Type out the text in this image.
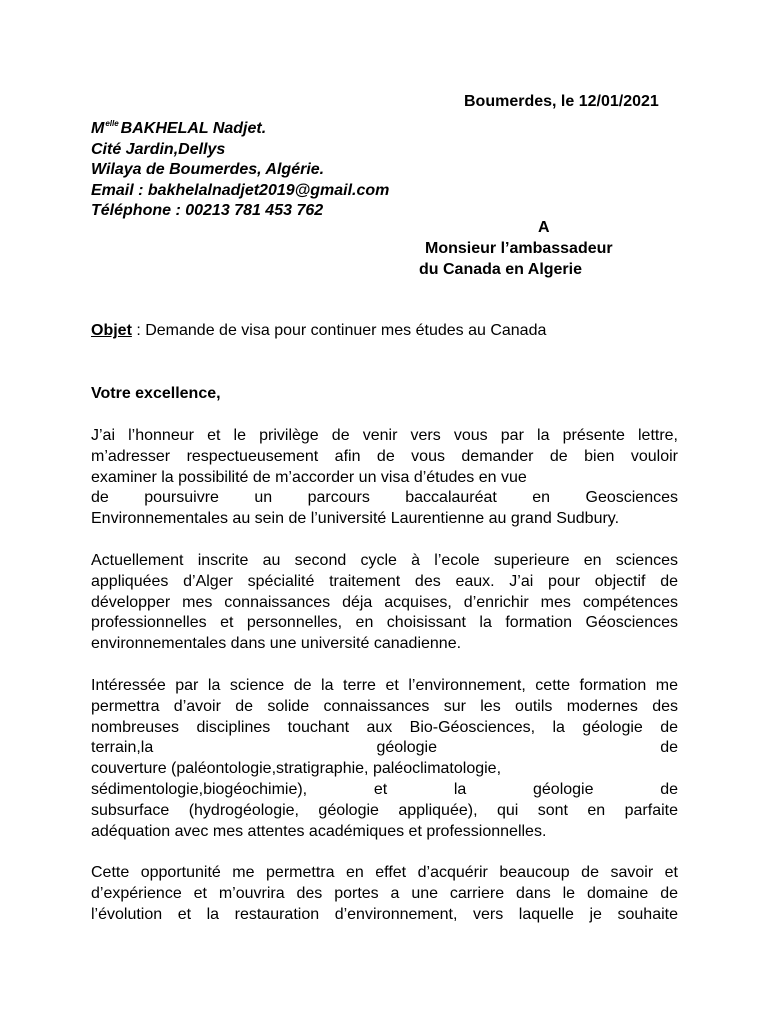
Boumerdes, le 12/01/2021
$M^{elle}$ BAKHELAL Nadjet.
Cité Jardin,Dellys
Wilaya de Boumerdes, Algérie.
Email : bakhelalnadjet2019@gmail.com
Téléphone : 00213 781 453 762
A
Monsieur l’ambassadeur
du Canada en Algerie
Objet : Demande de visa pour continuer mes études au Canada
Votre excellence,
J’ai l’honneur et le privilège de venir vers vous par la présente lettre,
m’adresser respectueusement afin de vous demander de bien vouloir
examiner la possibilité de m’accorder un visa d’études en vue
de poursuivre un parcours baccalauréat en Geosciences
Environnementales au sein de l’université Laurentienne au grand Sudbury.
Actuellement inscrite au second cycle à l’ecole superieure en sciences
appliquées d’Alger spécialité traitement des eaux. J’ai pour objectif de
développer mes connaissances déja acquises, d’enrichir mes compétences
professionnelles et personnelles, en choisissant la formation Géosciences
environnementales dans une université canadienne.
Intéressée par la science de la terre et l’environnement, cette formation me
permettra d’avoir de solide connaissances sur les outils modernes des
nombreuses disciplines touchant aux Bio-Géosciences, la géologie de
terrain,la géologie de
couverture (paléontologie,stratigraphie, paléoclimatologie,
sédimentologie,biogéochimie), et la géologie de
subsurface (hydrogéologie, géologie appliquée), qui sont en parfaite
adéquation avec mes attentes académiques et professionnelles.
Cette opportunité me permettra en effet d’acquérir beaucoup de savoir et
d’expérience et m’ouvrira des portes a une carriere dans le domaine de
l’évolution et la restauration d’environnement, vers laquelle je souhaite
